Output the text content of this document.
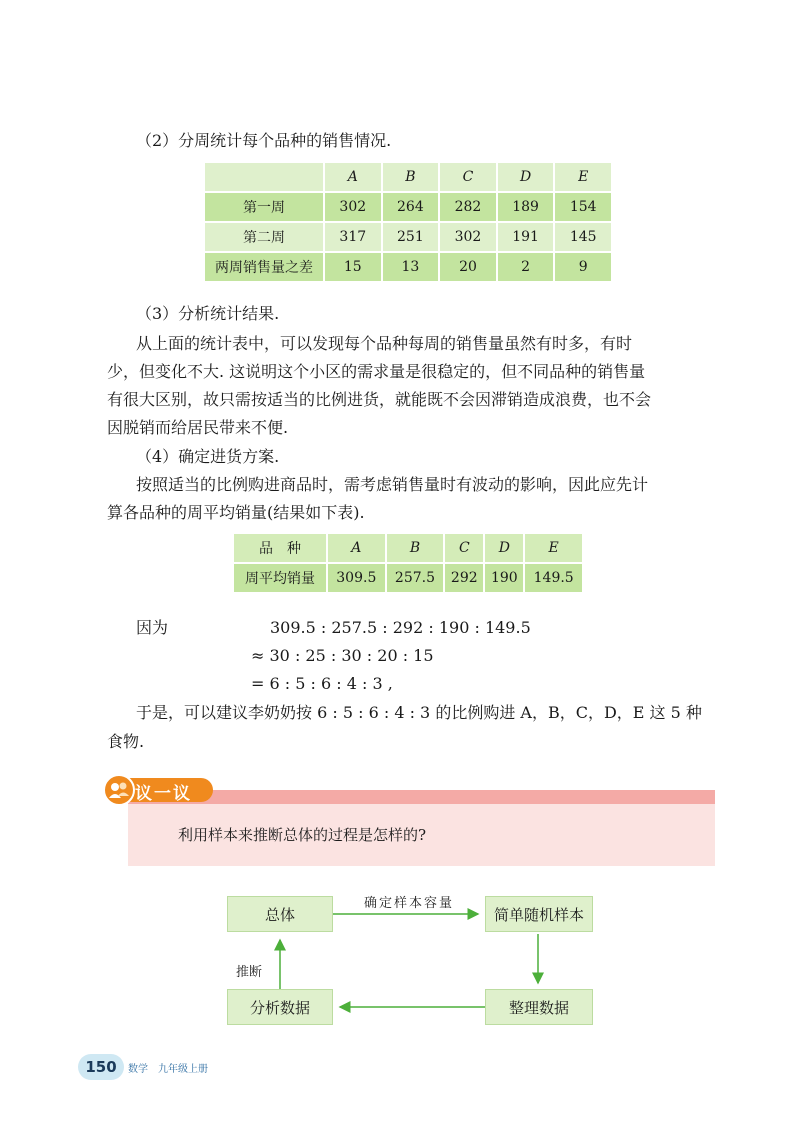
（2）分周统计每个品种的销售情况.
	A	B	C	D	E
第一周	302	264	282	189	154
第二周	317	251	302	191	145
两周销售量之差	15	13	20	2	9
（3）分析统计结果.
从上面的统计表中，可以发现每个品种每周的销售量虽然有时多，有时
少，但变化不大. 这说明这个小区的需求量是很稳定的，但不同品种的销售量
有很大区别，故只需按适当的比例进货，就能既不会因滞销造成浪费，也不会
因脱销而给居民带来不便.
（4）确定进货方案.
按照适当的比例购进商品时，需考虑销售量时有波动的影响，因此应先计
算各品种的周平均销量(结果如下表).
品　种	A	B	C	D	E
周平均销量	309.5	257.5	292	190	149.5
因为	309.5 : 257.5 : 292 : 190 : 149.5
≈ 30 : 25 : 30 : 20 : 15
= 6 : 5 : 6 : 4 : 3 ,
于是，可以建议李奶奶按 6 : 5 : 6 : 4 : 3 的比例购进 A，B，C，D，E 这 5 种
食物.
议一议
利用样本来推断总体的过程是怎样的?
总体	简单随机样本
整理数据
分析数据
确定样本容量
推断
150	数学　九年级上册
